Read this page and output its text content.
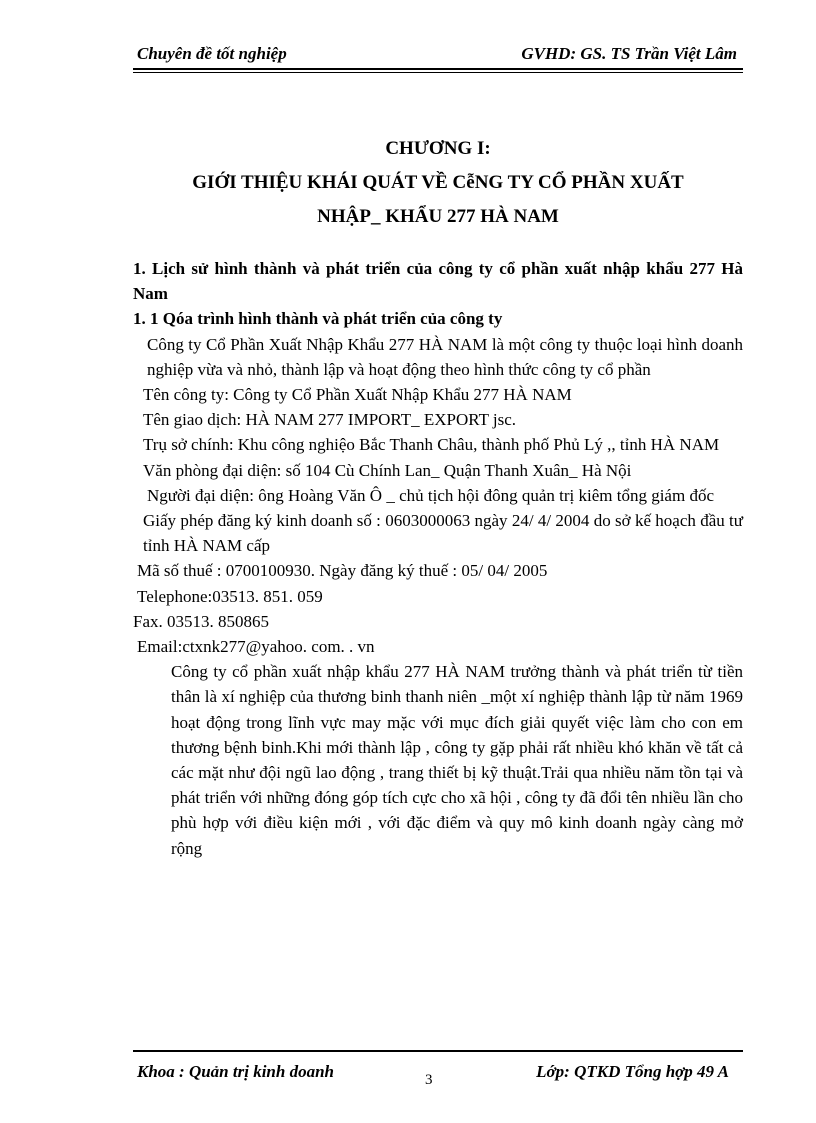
Chuyên đề tốt nghiệp	GVHD: GS. TS Trần Việt Lâm
CHƯƠNG I:
GIỚI THIỆU KHÁI QUÁT VỀ CễNG TY CỔ PHẦN XUẤT
NHẬP_ KHẨU 277 HÀ NAM
1. Lịch sử hình thành và phát triển của công ty cổ phần xuất nhập khẩu 277 Hà Nam
1. 1 Qóa trình hình thành và phát triển của công ty
Công ty Cổ Phần Xuất Nhập Khẩu 277 HÀ NAM là một công ty thuộc loại hình doanh nghiệp vừa và nhỏ, thành lập và hoạt động theo hình thức công ty cổ phần
Tên công ty: Công ty Cổ Phần Xuất Nhập Khẩu 277 HÀ NAM
Tên giao dịch: HÀ NAM 277 IMPORT_ EXPORT jsc.
Trụ sở chính: Khu công nghiệo Bắc Thanh Châu, thành phố Phủ Lý ,, tỉnh HÀ NAM
Văn phòng đại diện: số 104 Cù Chính Lan_ Quận Thanh Xuân_ Hà Nội
Người đại diện: ông Hoàng Văn Ô _ chủ tịch hội đông quản trị kiêm tổng giám đốc
Giấy phép đăng ký kinh doanh số : 0603000063 ngày 24/ 4/ 2004 do sở kế hoạch đầu tư tỉnh HÀ NAM cấp
Mã số thuế : 0700100930. Ngày đăng ký thuế : 05/ 04/ 2005
Telephone:03513. 851. 059
Fax. 03513. 850865
Email:ctxnk277@yahoo. com. . vn
Công ty cổ phần xuất nhập khẩu 277 HÀ NAM trưởng thành và phát triển từ tiền thân là xí nghiệp của thương binh thanh niên _một xí nghiệp thành lập từ năm 1969 hoạt động trong lĩnh vực may mặc với mục đích giải quyết việc làm cho con em thương bệnh binh.Khi mới thành lập , công ty gặp phải rất nhiều khó khăn về tất cả các mặt như đội ngũ lao động , trang thiết bị kỹ thuật.Trải qua nhiều năm tồn tại và phát triển với những đóng góp tích cực cho xã hội , công ty đã đổi tên nhiều lần cho phù hợp với điều kiện mới , với đặc điểm và quy mô kinh doanh ngày càng mở rộng
Khoa : Quản trị kinh doanh	3	Lớp: QTKD Tổng hợp 49 A
